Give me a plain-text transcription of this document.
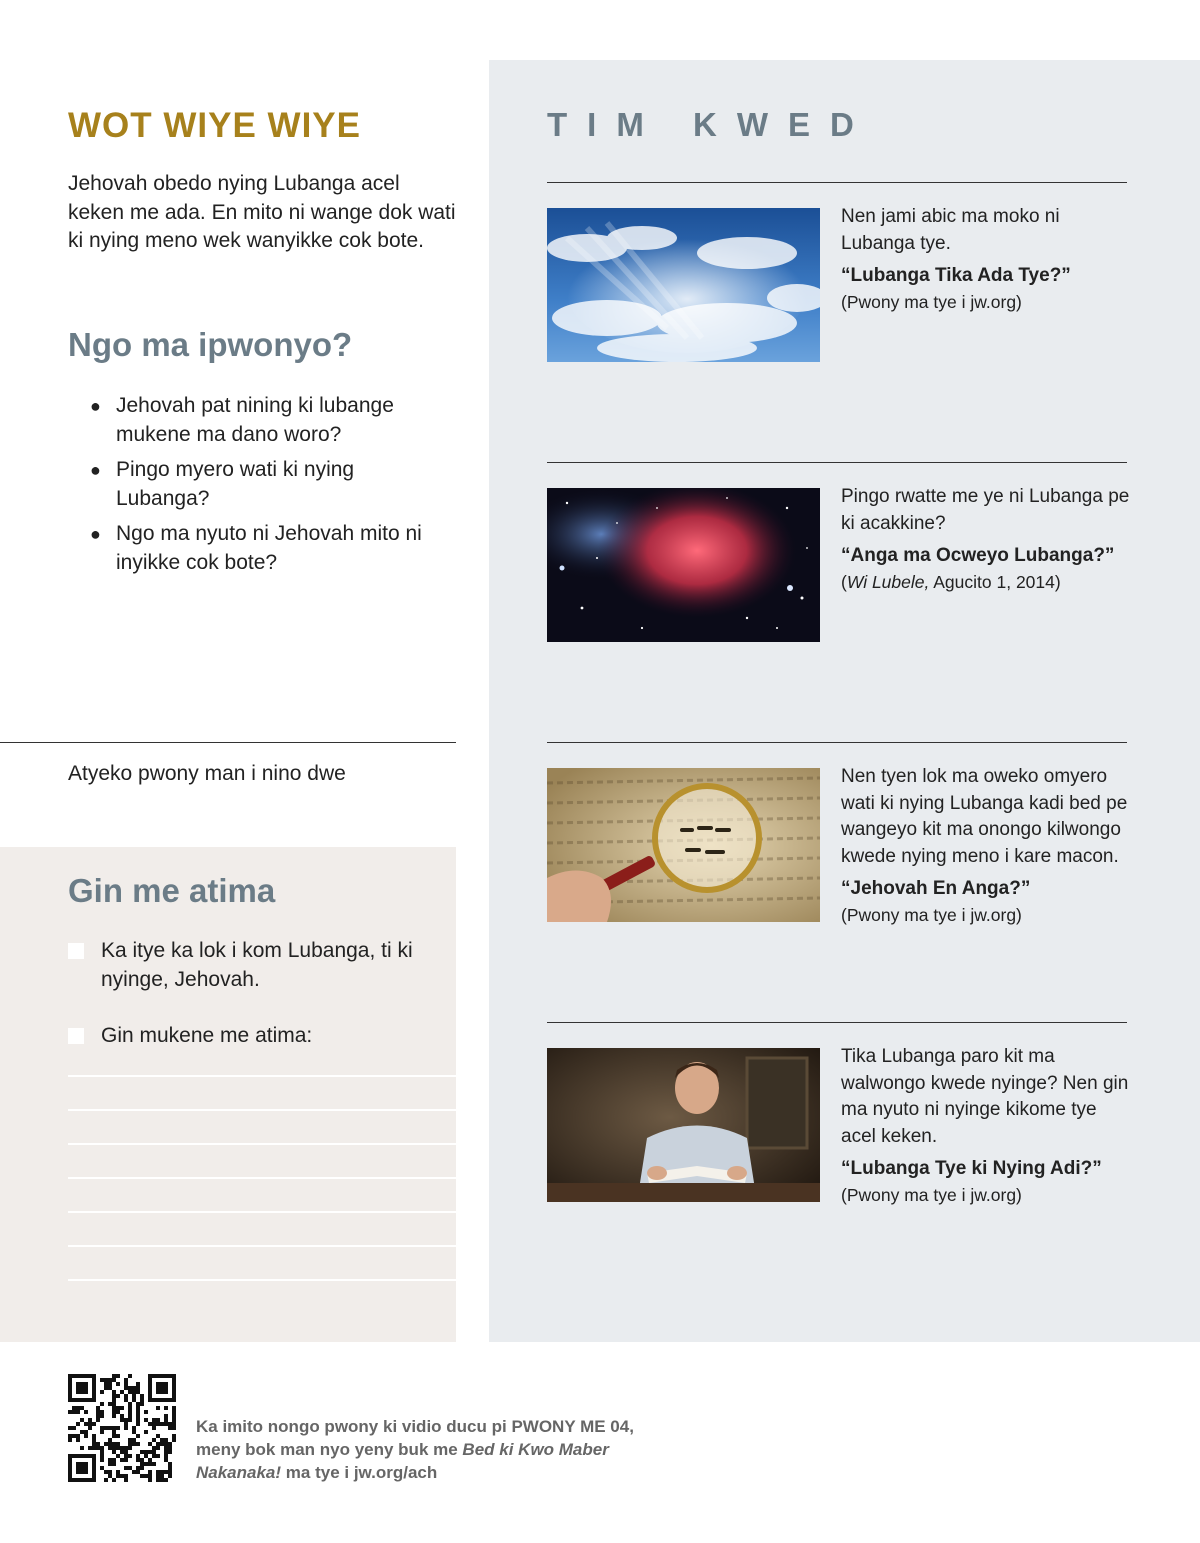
WOT WIYE WIYE

Jehovah obedo nying Lubanga acel keken me ada. En mito ni wange dok wati ki nying meno wek wanyikke cok bote.

Ngo ma ipwonyo?
● Jehovah pat nining ki lubange mukene ma dano woro?
● Pingo myero wati ki nying Lubanga?
● Ngo ma nyuto ni Jehovah mito ni inyikke cok bote?

Atyeko pwony man i nino dwe

Gin me atima
Ka itye ka lok i kom Lubanga, ti ki nyinge, Jehovah.
Gin mukene me atima:
TIM KWED

Nen jami abic ma moko ni Lubanga tye.

“Lubanga Tika Ada Tye?”

(Pwony ma tye i jw.org)

Pingo rwatte me ye ni Lubanga pe ki acakkine?

“Anga ma Ocweyo Lubanga?”

(Wi Lubele, Agucito 1, 2014)

Nen tyen lok ma oweko omyero wati ki nying Lubanga kadi bed pe wangeyo kit ma onongo kilwongo kwede nying meno i kare macon.

“Jehovah En Anga?”

(Pwony ma tye i jw.org)

Tika Lubanga paro kit ma walwongo kwede nyinge? Nen gin ma nyuto ni nyinge kikome tye acel keken.

“Lubanga Tye ki Nying Adi?”

(Pwony ma tye i jw.org)

Ka imito nongo pwony ki vidio ducu pi PWONY ME 04, meny bok man nyo yeny buk me Bed ki Kwo Maber Nakanaka! ma tye i jw.org/ach
